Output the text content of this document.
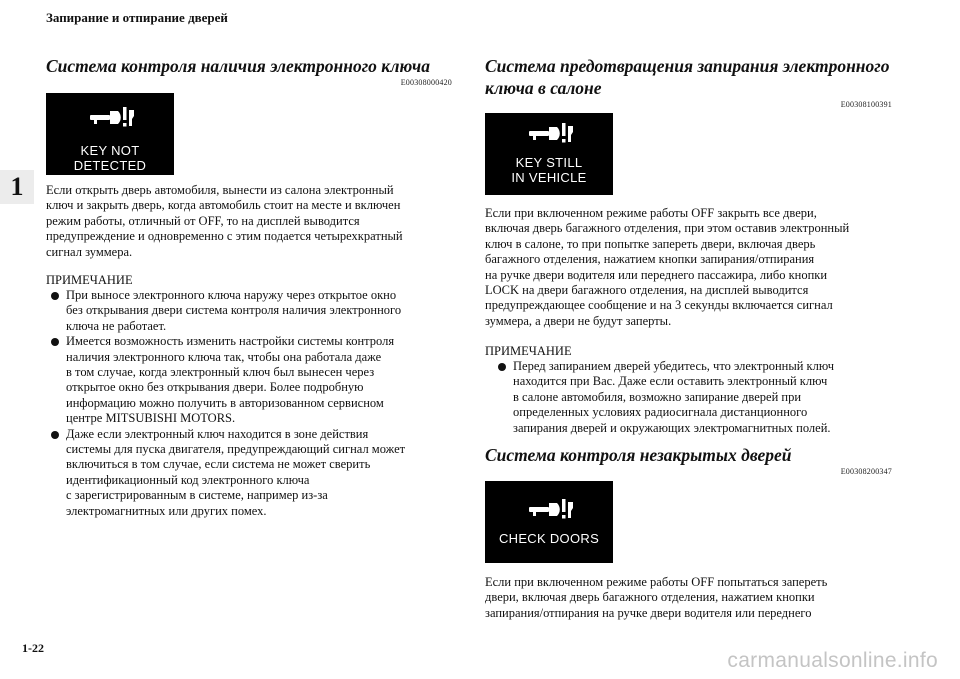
Запирание и отпирание дверей
1
Система контроля наличия электронного ключа
E00308000420
KEY NOT DETECTED
Если открыть дверь автомобиля, вынести из салона электронный
ключ и закрыть дверь, когда автомобиль стоит на месте и включен
режим работы, отличный от OFF, то на дисплей выводится
предупреждение и одновременно с этим подается четырехкратный
сигнал зуммера.
ПРИМЕЧАНИЕ
При выносе электронного ключа наружу через открытое окно
без открывания двери система контроля наличия электронного
ключа не работает.
Имеется возможность изменить настройки системы контроля
наличия электронного ключа так, чтобы она работала даже
в том случае, когда электронный ключ был вынесен через
открытое окно без открывания двери. Более подробную
информацию можно получить в авторизованном сервисном
центре MITSUBISHI MOTORS.
Даже если электронный ключ находится в зоне действия
системы для пуска двигателя, предупреждающий сигнал может
включиться в том случае, если система не может сверить
идентификационный код электронного ключа
с зарегистрированным в системе, например из-за
электромагнитных или других помех.
Система предотвращения запирания электронного
ключа в салоне
E00308100391
KEY STILL
IN VEHICLE
Если при включенном режиме работы OFF закрыть все двери,
включая дверь багажного отделения, при этом оставив электронный
ключ в салоне, то при попытке запереть двери, включая дверь
багажного отделения, нажатием кнопки запирания/отпирания
на ручке двери водителя или переднего пассажира, либо кнопки
LOCK на двери багажного отделения, на дисплей выводится
предупреждающее сообщение и на 3 секунды включается сигнал
зуммера, а двери не будут заперты.
ПРИМЕЧАНИЕ
Перед запиранием дверей убедитесь, что электронный ключ
находится при Вас. Даже если оставить электронный ключ
в салоне автомобиля, возможно запирание дверей при
определенных условиях радиосигнала дистанционного
запирания дверей и окружающих электромагнитных полей.
Система контроля незакрытых дверей
E00308200347
CHECK DOORS
Если при включенном режиме работы OFF попытаться запереть
двери, включая дверь багажного отделения, нажатием кнопки
запирания/отпирания на ручке двери водителя или переднего
1-22
carmanualsonline.info
